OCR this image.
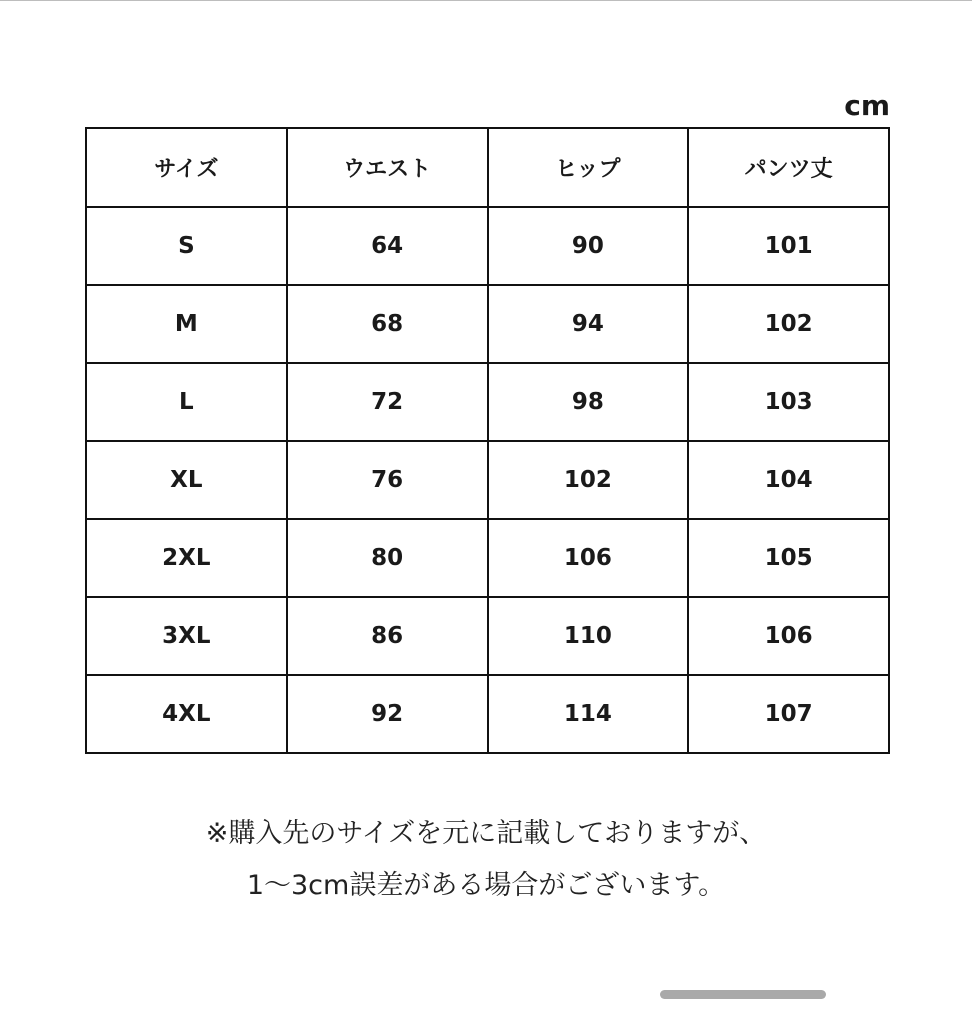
cm
サイズ	ウエスト	ヒップ	パンツ丈
S	64	90	101
M	68	94	102
L	72	98	103
XL	76	102	104
2XL	80	106	105
3XL	86	110	106
4XL	92	114	107
※購入先のサイズを元に記載しておりますが、
1～3cm誤差がある場合がございます。
